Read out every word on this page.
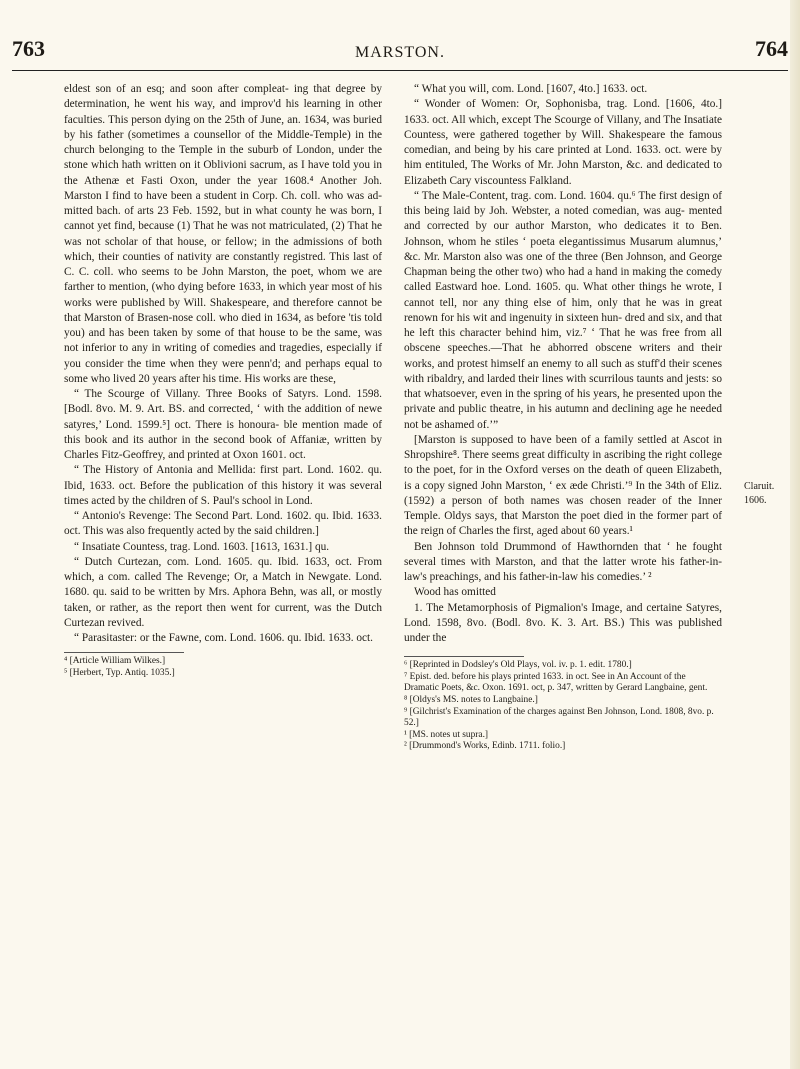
763	MARSTON.	764

eldest son of an esq; and soon after compleat- ing that degree by determination, he went his way, and improv'd his learning in other faculties. This person dying on the 25th of June, an. 1634, was buried by his father (sometimes a counsellor of the Middle-Temple) in the church belonging to the Temple in the suburb of London, under the stone which hath written on it Oblivioni sacrum, as I have told you in the Athenæ et Fasti Oxon, under the year 1608.⁴ Another Joh. Marston I find to have been a student in Corp. Ch. coll. who was ad- mitted bach. of arts 23 Feb. 1592, but in what county he was born, I cannot yet find, because (1) That he was not matriculated, (2) That he was not scholar of that house, or fellow; in the admissions of both which, their counties of nativity are constantly registred. This last of C. C. coll. who seems to be John Marston, the poet, whom we are farther to mention, (who dying before 1633, in which year most of his works were published by Will. Shakespeare, and therefore cannot be that Marston of Brasen-nose coll. who died in 1634, as before 'tis told you) and has been taken by some of that house to be the same, was not inferior to any in writing of comedies and tragedies, especially if you consider the time when they were penn'd; and perhaps equal to some who lived 20 years after his time. His works are these,

“ The Scourge of Villany. Three Books of Satyrs. Lond. 1598. [Bodl. 8vo. M. 9. Art. BS. and corrected, ‘ with the addition of newe satyres,’ Lond. 1599.⁵] oct. There is honoura- ble mention made of this book and its author in the second book of Affaniæ, written by Charles Fitz-Geoffrey, and printed at Oxon 1601. oct.

“ The History of Antonia and Mellida: first part. Lond. 1602. qu. Ibid, 1633. oct. Before the publication of this history it was several times acted by the children of S. Paul's school in Lond.

“ Antonio's Revenge: The Second Part. Lond. 1602. qu. Ibid. 1633. oct. This was also frequently acted by the said children.]

“ Insatiate Countess, trag. Lond. 1603. [1613, 1631.] qu.

“ Dutch Curtezan, com. Lond. 1605. qu. Ibid. 1633, oct. From which, a com. called The Revenge; Or, a Match in Newgate. Lond. 1680. qu. said to be written by Mrs. Aphora Behn, was all, or mostly taken, or rather, as the report then went for current, was the Dutch Curtezan revived.

“ Parasitaster: or the Fawne, com. Lond. 1606. qu. Ibid. 1633. oct.

⁴ [Article William Wilkes.]
⁵ [Herbert, Typ. Antiq. 1035.]

“ What you will, com. Lond. [1607, 4to.] 1633. oct.

“ Wonder of Women: Or, Sophonisba, trag. Lond. [1606, 4to.] 1633. oct. All which, except The Scourge of Villany, and The Insatiate Countess, were gathered together by Will. Shakespeare the famous comedian, and being by his care printed at Lond. 1633. oct. were by him entituled, The Works of Mr. John Marston, &c. and dedicated to Elizabeth Cary viscountess Falkland.

“ The Male-Content, trag. com. Lond. 1604. qu.⁶ The first design of this being laid by Joh. Webster, a noted comedian, was aug- mented and corrected by our author Marston, who dedicates it to Ben. Johnson, whom he stiles ‘ poeta elegantissimus Musarum alumnus,’ &c. Mr. Marston also was one of the three (Ben Johnson, and George Chapman being the other two) who had a hand in making the comedy called Eastward hoe. Lond. 1605. qu. What other things he wrote, I cannot tell, nor any thing else of him, only that he was in great renown for his wit and ingenuity in sixteen hun- dred and six, and that he left this character behind him, viz.⁷ ‘ That he was free from all obscene speeches.—That he abhorred obscene writers and their works, and protest himself an enemy to all such as stuff'd their scenes with ribaldry, and larded their lines with scurrilous taunts and jests: so that whatsoever, even in the spring of his years, he presented upon the private and public theatre, in his autumn and declining age he needed not be ashamed of.’”

[Marston is supposed to have been of a family settled at Ascot in Shropshire⁸. There seems great difficulty in ascribing the right college to the poet, for in the Oxford verses on the death of queen Elizabeth, is a copy signed John Marston, ‘ ex æde Christi.’⁹ In the 34th of Eliz. (1592) a person of both names was chosen reader of the Inner Temple. Oldys says, that Marston the poet died in the former part of the reign of Charles the first, aged about 60 years.¹

Ben Johnson told Drummond of Hawthornden that ‘ he fought several times with Marston, and that the latter wrote his father-in-law's preachings, and his father-in-law his comedies.’ ²

Wood has omitted

1. The Metamorphosis of Pigmalion's Image, and certaine Satyres, Lond. 1598, 8vo. (Bodl. 8vo. K. 3. Art. BS.) This was published under the

⁶ [Reprinted in Dodsley's Old Plays, vol. iv. p. 1. edit. 1780.]
⁷ Epist. ded. before his plays printed 1633. in oct. See in An Account of the Dramatic Poets, &c. Oxon. 1691. oct, p. 347, written by Gerard Langbaine, gent.
⁸ [Oldys's MS. notes to Langbaine.]
⁹ [Gilchrist's Examination of the charges against Ben Johnson, Lond. 1808, 8vo. p. 52.]
¹ [MS. notes ut supra.]
² [Drummond's Works, Edinb. 1711. folio.]
Claruit.
1606.
